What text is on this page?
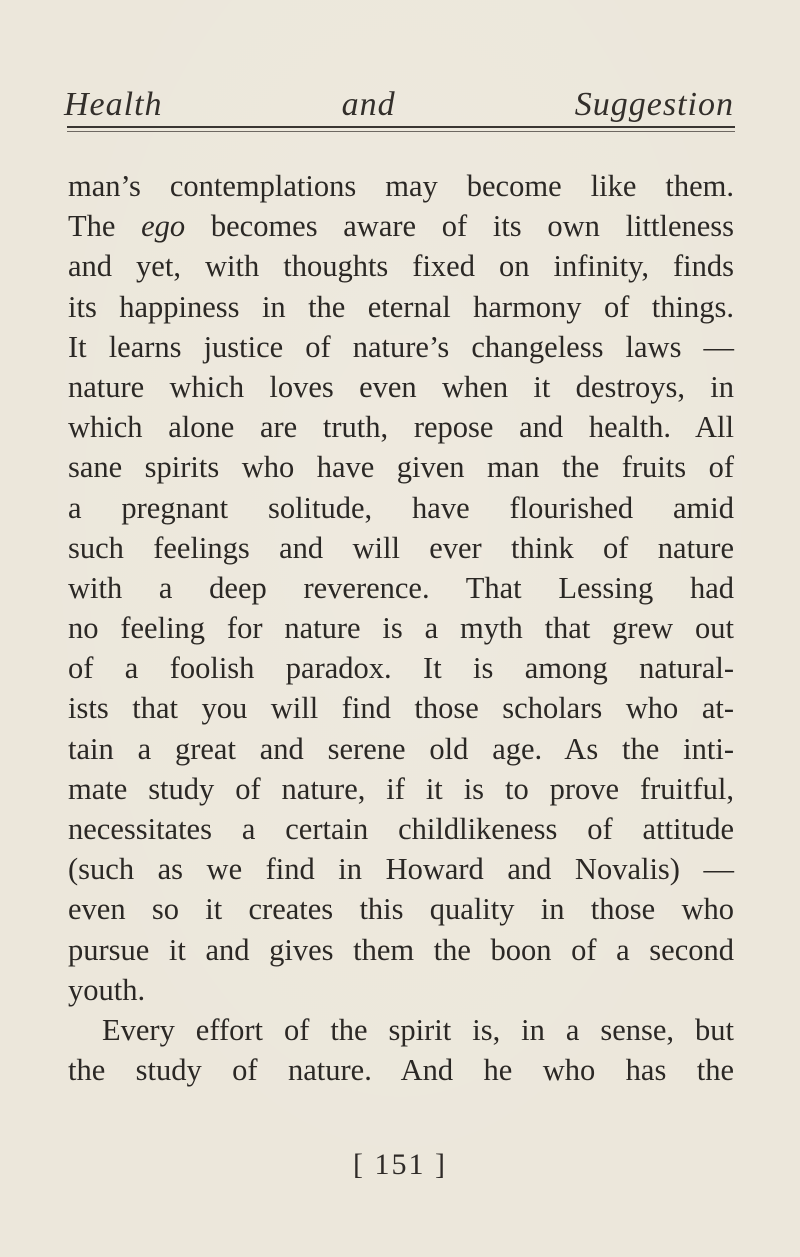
Health	and	Suggestion
man’s contemplations may become like them.
The ego becomes aware of its own littleness
and yet, with thoughts fixed on infinity, finds
its happiness in the eternal harmony of things.
It learns justice of nature’s changeless laws —
nature which loves even when it destroys, in
which alone are truth, repose and health. All
sane spirits who have given man the fruits of
a pregnant solitude, have flourished amid
such feelings and will ever think of nature
with a deep reverence. That Lessing had
no feeling for nature is a myth that grew out
of a foolish paradox. It is among natural-
ists that you will find those scholars who at-
tain a great and serene old age. As the inti-
mate study of nature, if it is to prove fruitful,
necessitates a certain childlikeness of attitude
(such as we find in Howard and Novalis) —
even so it creates this quality in those who
pursue it and gives them the boon of a second
youth.
Every effort of the spirit is, in a sense, but
the study of nature. And he who has the
[ 151 ]
